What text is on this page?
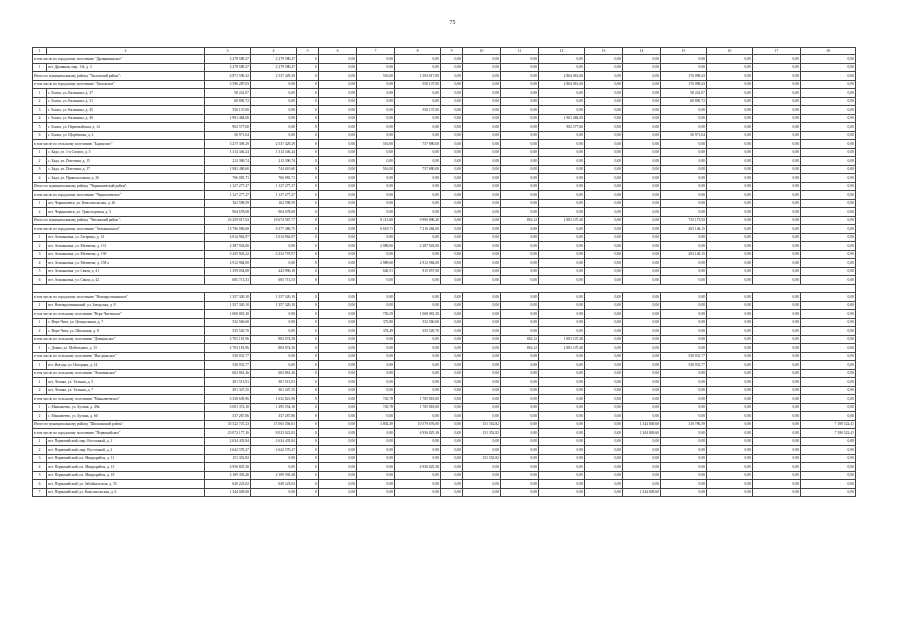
75
1	2	3	4	5	6	7	8	9	10	11	12	13	14	15	16	17	18
в том числе по городскому поселению "Дровяниннское"		2 279 580,27	2 279 580,27	0	0,00	0,00	0,00	0,00	0,00	0,00	0,00	0,00	0,00	0,00	0,00	0,00	0,00
1	пгт. Дровяная, мкр. 1-й, д. 3	2 279 580,27	2 279 580,27	0	0,00	0,00	0,00	0,00	0,00	0,00	0,00	0,00	0,00	0,00	0,00	0,00	0,00
Итого по муниципальному району "Хилокский район":		6 871 596,32	2 537 429,29	0	0,00	516,00	1 394 017,00	0,00	0,00	0,00	2 864 061,60	0,00	0,00	176 098,43	0,00	0,00	0,00
в том числе по городскому поселению "Хилокское"		3 596 287,03	0,00	0	0,00	0,00	556 137,00	0,00	0,00	0,00	2 864 061,60	0,00	0,00	176 098,43	0,00	0,00	0,00
1	г. Хилок, ул. Калинина, д. 27	58 241,07	0,00	0	0,00	0,00	0,00	0,00	0,00	0,00	0,00	0,00	0,00	58 241,07	0,00	0,00	0,00
2	г. Хилок, ул. Калинина, д. 31	60 885,72	0,00	0	0,00	0,00	0,00	0,00	0,00	0,00	0,00	0,00	0,00	60 885,72	0,00	0,00	0,00
3	г. Хилок, ул. Калинина, д. 45	556 137,00	0,00	0	0,00	0,00	556 137,00	0,00	0,00	0,00	0,00	0,00	0,00	0,00	0,00	0,00	0,00
4	г. Хилок, ул. Калинина, д. 49	1 961 484,00	0,00	0	0,00	0,00	0,00	0,00	0,00	0,00	1 961 484,00	0,00	0,00	0,00	0,00	0,00	0,00
5	г. Хилок, ул. Первомайская, д. 14	902 577,60	0,00	0	0,00	0,00	0,00	0,00	0,00	0,00	902 577,60	0,00	0,00	0,00	0,00	0,00	0,00
6	г. Хилок, ул. Щорбакова, д. 2	56 971,64	0,00	0	0,00	0,00	0,00	0,00	0,00	0,00	0,00	0,00	0,00	56 971,64	0,00	0,00	0,00
в том числе по сельскому поселению "Бадинское"		3 275 309,29	2 537 429,29	0	0,00	516,00	737 880,00	0,00	0,00	0,00	0,00	0,00	0,00	0,00	0,00	0,00	0,00
1	с. Бада, ул. 1-я Спорта, д. 3	1 314 346,24	1 314 346,24	0	0,00	0,00	0,00	0,00	0,00	0,00	0,00	0,00	0,00	0,00	0,00	0,00	0,00
2	с. Бада, ул. Почтовая, д. 15	212 390,74	212 390,74	0	0,00	0,00	0,00	0,00	0,00	0,00	0,00	0,00	0,00	0,00	0,00	0,00	0,00
3	с. Бада, ул. Почтовая, д. 17	1 982 490,60	744 610,60	0	0,00	516,00	737 880,00	0,00	0,00	0,00	0,00	0,00	0,00	0,00	0,00	0,00	0,00
4	с. Бада, ул. Привокзальная, д. 26	766 081,71	766 081,71	0	0,00	0,00	0,00	0,00	0,00	0,00	0,00	0,00	0,00	0,00	0,00	0,00	0,00
Итого по муниципальному району "Чернышевский район":		1 127 277,27	1 127 277,27	0	0,00	0,00	0,00	0,00	0,00	0,00	0,00	0,00	0,00	0,00	0,00	0,00	0,00
в том числе по городскому поселению "Чернышевское"		1 127 277,27	1 127 277,27	0	0,00	0,00	0,00	0,00	0,00	0,00	0,00	0,00	0,00	0,00	0,00	0,00	0,00
1	пгт. Чернышевск, ул. Комсомольская, д. 26	162 598,59	162 598,59	0	0,00	0,00	0,00	0,00	0,00	0,00	0,00	0,00	0,00	0,00	0,00	0,00	0,00
2	пгт. Чернышевск, ул. Транспортная, д. 3	964 678,68	964 678,68	0	0,00	0,00	0,00	0,00	0,00	0,00	0,00	0,00	0,00	0,00	0,00	0,00	0,00
Итого по муниципальному району "Читинский район":		23 259 017,63	10 674 567,77	0	0,00	8 115,80	9 990 096,20	0,00	0,00	816,12	1 881 107,40	0,00	0,00	733 173,92	0,00	0,00	0,00
в том числе по городскому поселению "Атамановское"		13 796 006,00	6 377 469,75	0	0,00	6 619,71	7 216 284,00	0,00	0,00	0,00	0,00	0,00	0,00	203 146,15	0,00	0,00	0,00
1	пгт. Атамановка, ул. Гагарина, д. 14	2 014 962,97	2 014 962,97	0	0,00	0,00	0,00	0,00	0,00	0,00	0,00	0,00	0,00	0,00	0,00	0,00	0,00
2	пгт. Атамановка, ул. Матвеева, д. 131	2 387 943,00	0,00	0	0,00	2 989,60	2 387 943,00	0,00	0,00	0,00	0,00	0,00	0,00	0,00	0,00	0,00	0,00
3	пгт. Атамановка, ул. Матвеева, д. 158	3 435 943,22	3 232 797,07	0	0,00	0,00	0,00	0,00	0,00	0,00	0,00	0,00	0,00	203 146,15	0,00	0,00	0,00
4	пгт. Атамановка, ул. Матвеева, д. 158 а	2 912 984,00	0,00	0	0,00	2 989,60	2 912 984,00	0,00	0,00	0,00	0,00	0,00	0,00	0,00	0,00	0,00	0,00
5	пгт. Атамановка, ул. Связи, д. 41	1 359 054,08	443 996,18	0	0,00	640,51	915 057,90	0,00	0,00	0,00	0,00	0,00	0,00	0,00	0,00	0,00	0,00
6	пгт. Атамановка, ул. Связи, д. 42	685 713,53	685 713,53	0	0,00	0,00	0,00	0,00	0,00	0,00	0,00	0,00	0,00	0,00	0,00	0,00	0,00

в том числе по городскому поселению "Новокручининское"		1 357 320,10	1 357 320,10	0	0,00	0,00	0,00	0,00	0,00	0,00	0,00	0,00	0,00	0,00	0,00	0,00	0,00
1	пгт. Новокручининский, ул. Заводская, д. 8	1 357 320,10	1 357 320,10	0	0,00	0,00	0,00	0,00	0,00	0,00	0,00	0,00	0,00	0,00	0,00	0,00	0,00
в том числе по сельскому поселению "Верх-Читинское"		1 068 081,30	0,00	0	0,00	750,29	1 068 081,30	0,00	0,00	0,00	0,00	0,00	0,00	0,00	0,00	0,00	0,00
1	с. Верх-Чита, ул. Центральная, д. 7	532 560,60	0,00	0	0,00	375,80	532 560,60	0,00	0,00	0,00	0,00	0,00	0,00	0,00	0,00	0,00	0,00
2	с. Верх-Чита, ул. Школьная, д. 8	535 520,70	0,00	0	0,00	374,49	535 520,70	0,00	0,00	0,00	0,00	0,00	0,00	0,00	0,00	0,00	0,00
в том числе по сельскому поселению "Домнинское"		2 765 181,96	884 074,56	0	0,00	0,00	0,00	0,00	0,00	816,12	1 881 107,40	0,00	0,00	0,00	0,00	0,00	0,00
1	с. Домна, ул. Мабельцева, д. 15	2 765 181,96	884 074,56	0	0,00	0,00	0,00	0,00	0,00	816,12	1 881 107,40	0,00	0,00	0,00	0,00	0,00	0,00
в том числе по сельскому поселению "Ингодинское"		530 031,77	0,00	0	0,00	0,00	0,00	0,00	0,00	0,00	0,00	0,00	0,00	530 031,77	0,00	0,00	0,00
1	пст. Ингода, ул. Нагорная, д. 14	530 031,77	0,00	0	0,00	0,00	0,00	0,00	0,00	0,00	0,00	0,00	0,00	530 031,77	0,00	0,00	0,00
в том числе по сельскому поселению "Леночинское"		602 861,26	602 861,26	0	0,00	0,00	0,00	0,00	0,00	0,00	0,00	0,00	0,00	0,00	0,00	0,00	0,00
1	пгт. Леонка, ул. Тальная, д. 5	301 513,91	301 513,91	0	0,00	0,00	0,00	0,00	0,00	0,00	0,00	0,00	0,00	0,00	0,00	0,00	0,00
2	пгт. Леонка, ул. Тальная, д. 7	301 347,35	301 347,35	0	0,00	0,00	0,00	0,00	0,00	0,00	0,00	0,00	0,00	0,00	0,00	0,00	0,00
в том числе по сельскому поселению "Маккавеевское"		3 338 639,96	1 632 821,96	0	0,00	745,78	1 705 818,00	0,00	0,00	0,00	0,00	0,00	0,00	0,00	0,00	0,00	0,00
1	с. Маккавеево, ул. Бутина, д. 49в	3 001 372,10	1 295 554,10	0	0,00	745,78	1 705 818,00	0,00	0,00	0,00	0,00	0,00	0,00	0,00	0,00	0,00	0,00
2	с. Маккавеево, ул. Бутина, д. 60	337 267,86	337 267,86	0	0,00	0,00	0,00	0,00	0,00	0,00	0,00	0,00	0,00	0,00	0,00	0,00	0,00
Итого по муниципальному району "Шилкинский район":		33 522 747,23	15 563 356,01	0	0,00	3 802,30	10 579 676,00	0,00	151 352,82	0,00	0,00	0,00	1 344 849,60	310 786,39	0,00	0,00	7 180 522,41
в том числе по городскому поселению "Первомайское"		23 072 177,16	8 033 022,83	0	0,00	0,00	4 956 825,30	0,00	151 352,82	0,00	0,00	0,00	1 344 849,60	0,00	0,00	0,00	7 180 522,41
1	пгт. Первомайский, мкр. Восточный, д. 1	2 634 435,84	2 634 435,84	0	0,00	0,00	0,00	0,00	0,00	0,00	0,00	0,00	0,00	0,00	0,00	0,00	0,00
2	пгт. Первомайский, мкр. Восточный, д. 2	2 642 570,27	2 642 570,27	0	0,00	0,00	0,00	0,00	0,00	0,00	0,00	0,00	0,00	0,00	0,00	0,00	0,00
3	пгт. Первомайский, пл. Микрорайон, д. 11	151 352,82	0,00	0	0,00	0,00	0,00	0,00	151 352,82	0,00	0,00	0,00	0,00	0,00	0,00	0,00	0,00
4	пгт. Первомайский, пл. Микрорайон, д. 13	4 956 825,30	0,00	0	0,00	0,00	4 956 825,30	0,00	0,00	0,00	0,00	0,00	0,00	0,00	0,00	0,00	0,00
5	пгт. Первомайский, пл. Микрорайон, д. 18	2 109 393,40	2 109 393,40	0	0,00	0,00	0,00	0,00	0,00	0,00	0,00	0,00	0,00	0,00	0,00	0,00	0,00
6	пгт. Первомайский, ул. Забайкальская, д. 35	649 223,02	649 223,02	0	0,00	0,00	0,00	0,00	0,00	0,00	0,00	0,00	0,00	0,00	0,00	0,00	0,00
7	пгт. Первомайский, ул. Комсомольская, д. 6	1 344 849,60	0,00	0	0,00	0,00	0,00	0,00	0,00	0,00	0,00	0,00	1 344 849,60	0,00	0,00	0,00	0,00
